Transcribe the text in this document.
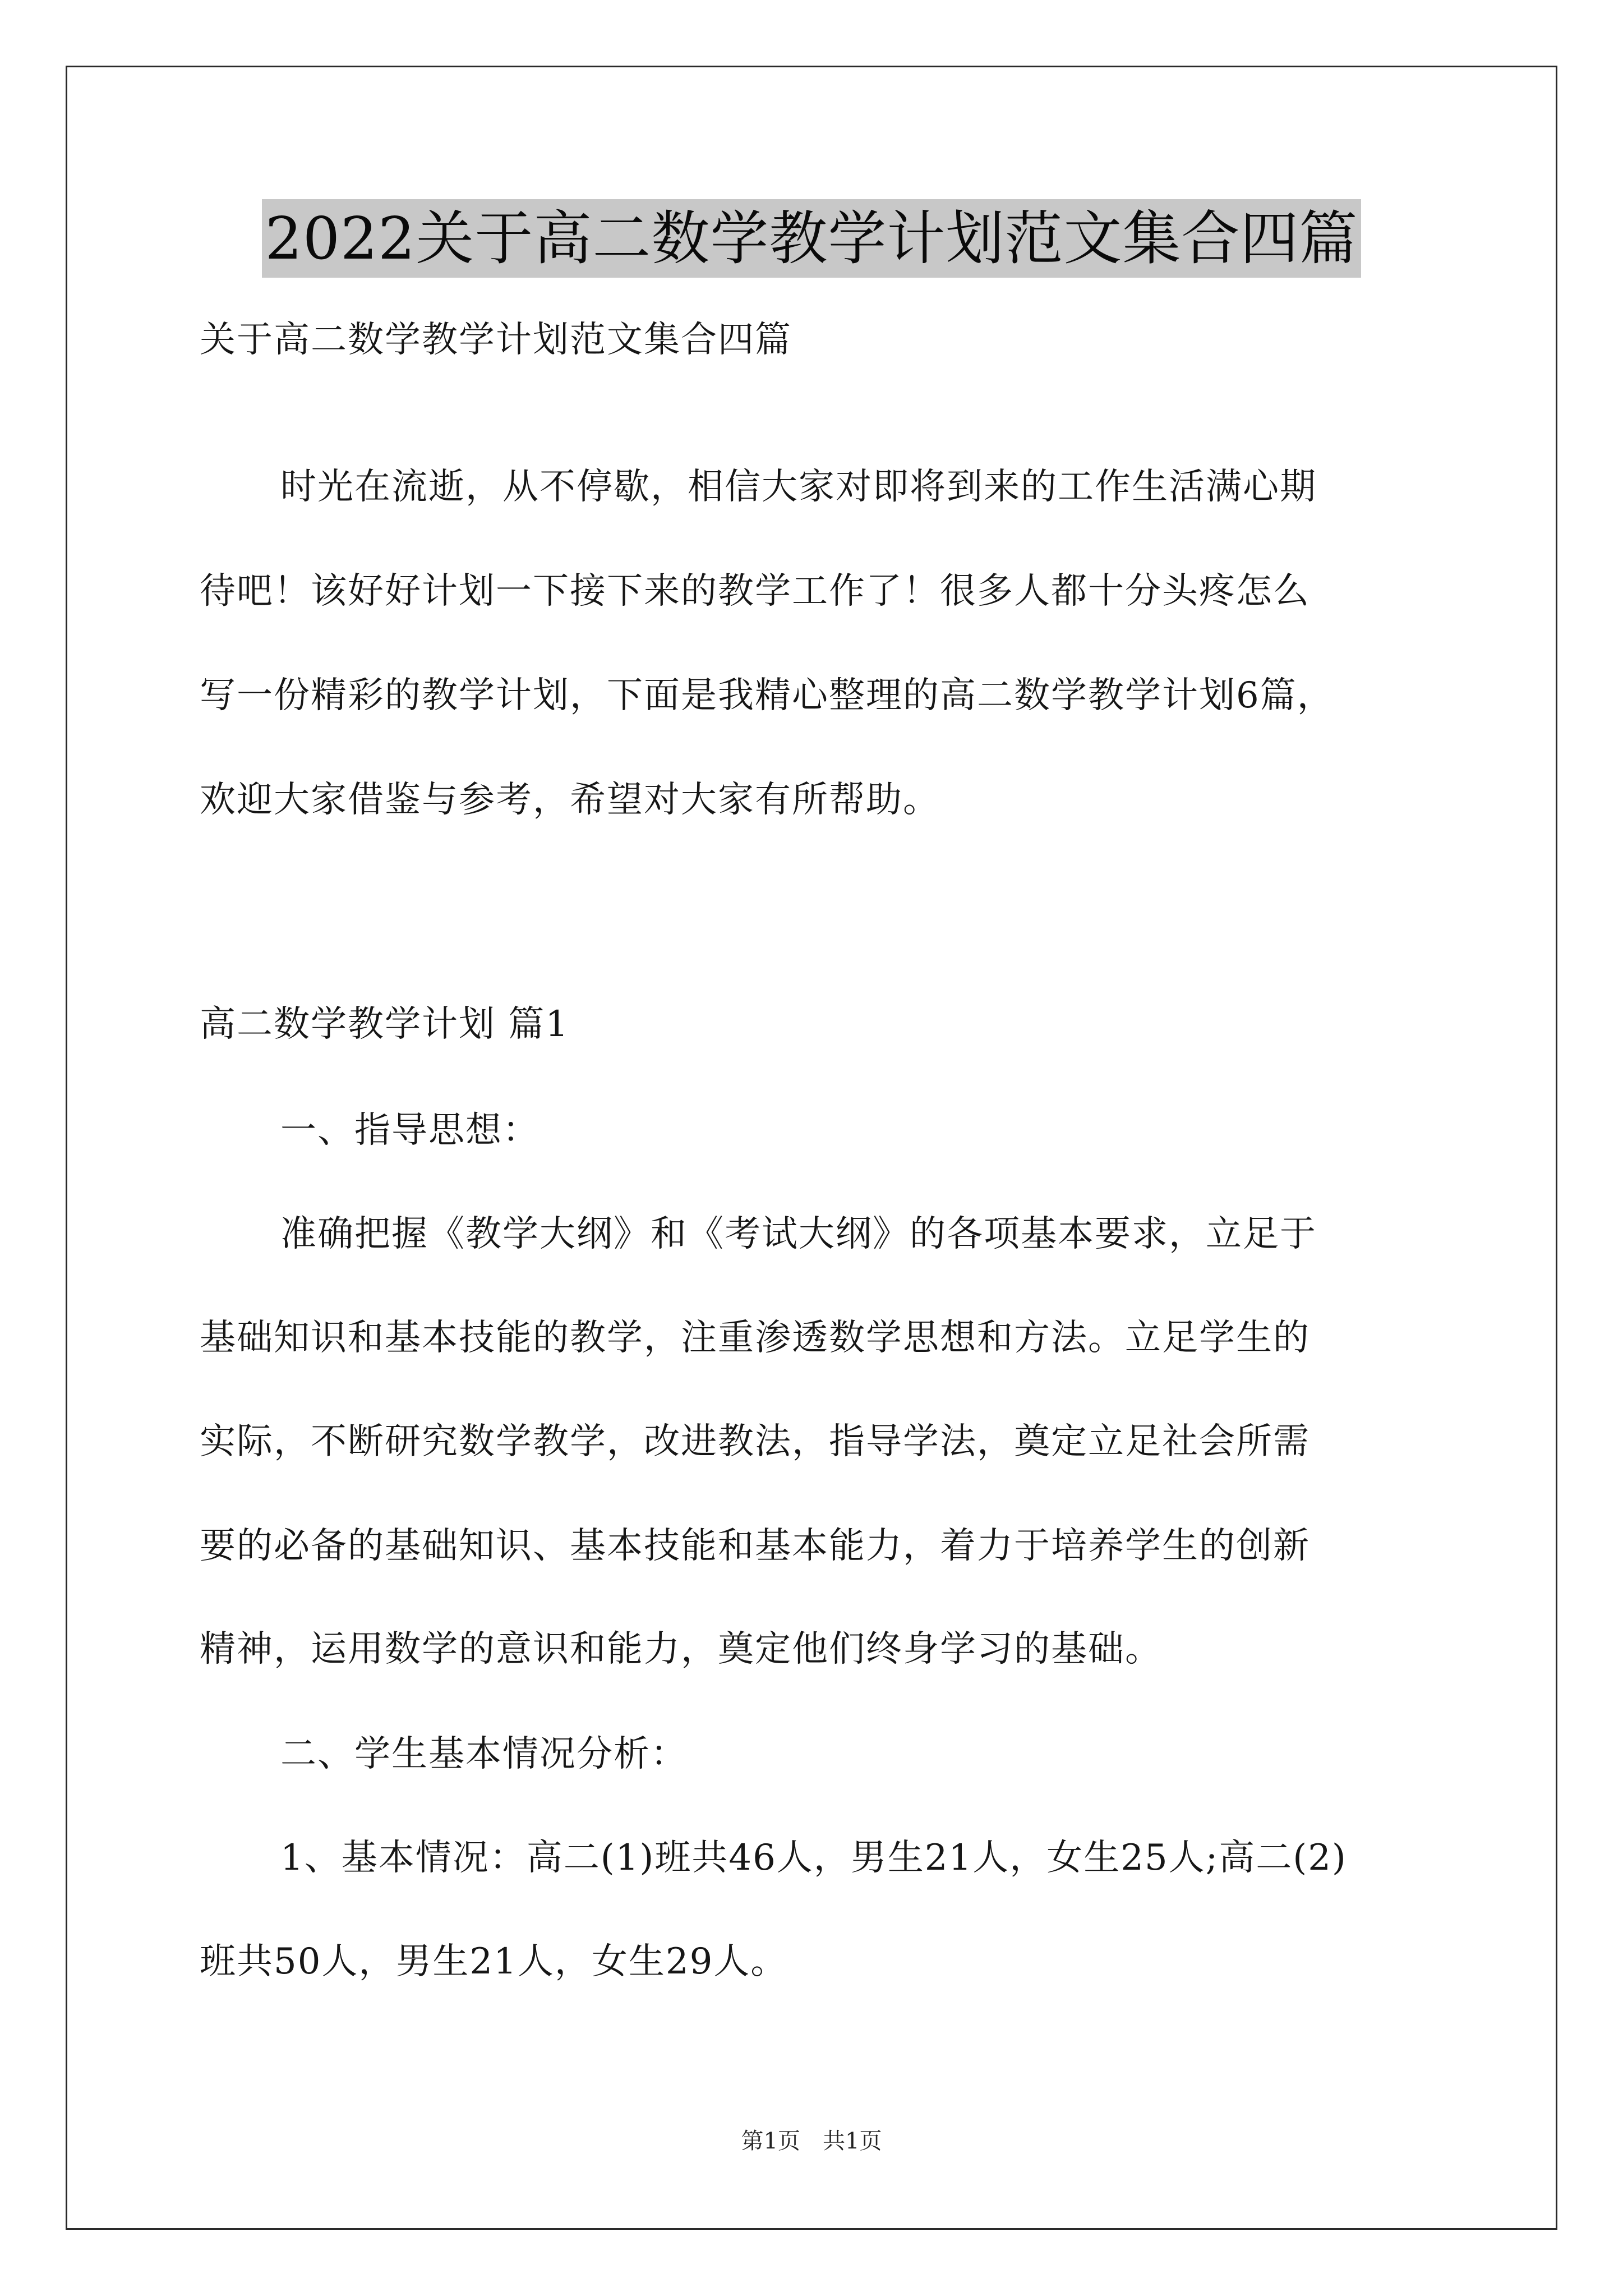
2022关于高二数学教学计划范文集合四篇
关于高二数学教学计划范文集合四篇
时光在流逝，从不停歇，相信大家对即将到来的工作生活满心期
待吧！该好好计划一下接下来的教学工作了！很多人都十分头疼怎么
写一份精彩的教学计划，下面是我精心整理的高二数学教学计划6篇，
欢迎大家借鉴与参考，希望对大家有所帮助。
高二数学教学计划 篇1
一、指导思想：
准确把握《教学大纲》和《考试大纲》的各项基本要求，立足于
基础知识和基本技能的教学，注重渗透数学思想和方法。立足学生的
实际，不断研究数学教学，改进教法，指导学法，奠定立足社会所需
要的必备的基础知识、基本技能和基本能力，着力于培养学生的创新
精神，运用数学的意识和能力，奠定他们终身学习的基础。
二、学生基本情况分析：
1、基本情况：高二(1)班共46人，男生21人，女生25人;高二(2)
班共50人，男生21人，女生29人。
第1页 共1页
